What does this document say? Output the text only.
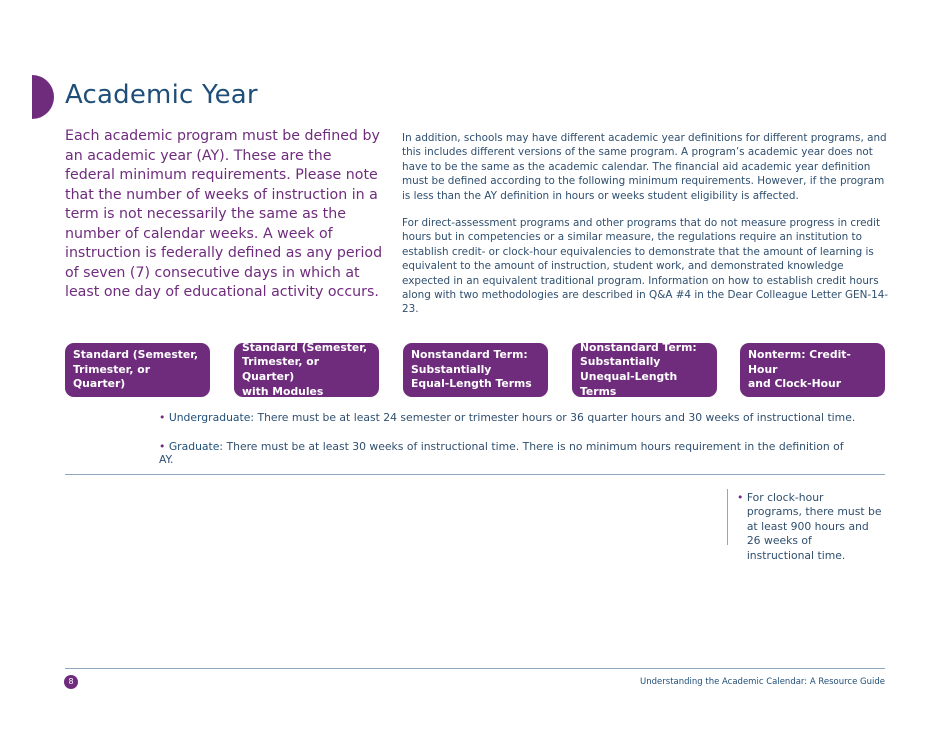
Academic Year

Each academic program must be defined by an academic year (AY). These are the federal minimum requirements. Please note that the number of weeks of instruction in a term is not necessarily the same as the number of calendar weeks. A week of instruction is federally defined as any period of seven (7) consecutive days in which at least one day of educational activity occurs.

In addition, schools may have different academic year definitions for different programs, and this includes different versions of the same program. A program’s academic year does not have to be the same as the academic calendar. The financial aid academic year definition must be defined according to the following minimum requirements. However, if the program is less than the AY definition in hours or weeks student eligibility is affected.

For direct-assessment programs and other programs that do not measure progress in credit hours but in competencies or a similar measure, the regulations require an institution to establish credit- or clock-hour equivalencies to demonstrate that the amount of learning is equivalent to the amount of instruction, student work, and demonstrated knowledge expected in an equivalent traditional program. Information on how to establish credit hours along with two methodologies are described in Q&A #4 in the Dear Colleague Letter GEN-14-23.

Standard (Semester,
Trimester, or Quarter)
Standard (Semester,
Trimester, or Quarter)
with Modules
Nonstandard Term:
Substantially
Equal-Length Terms
Nonstandard Term:
Substantially
Unequal-Length Terms
Nonterm: Credit-Hour
and Clock-Hour

• Undergraduate: There must be at least 24 semester or trimester hours or 36 quarter hours and 30 weeks of instructional time.

• Graduate: There must be at least 30 weeks of instructional time. There is no minimum hours requirement in the definition of AY.

• For clock-hour programs, there must be at least 900 hours and 26 weeks of instructional time.
8	Understanding the Academic Calendar: A Resource Guide
